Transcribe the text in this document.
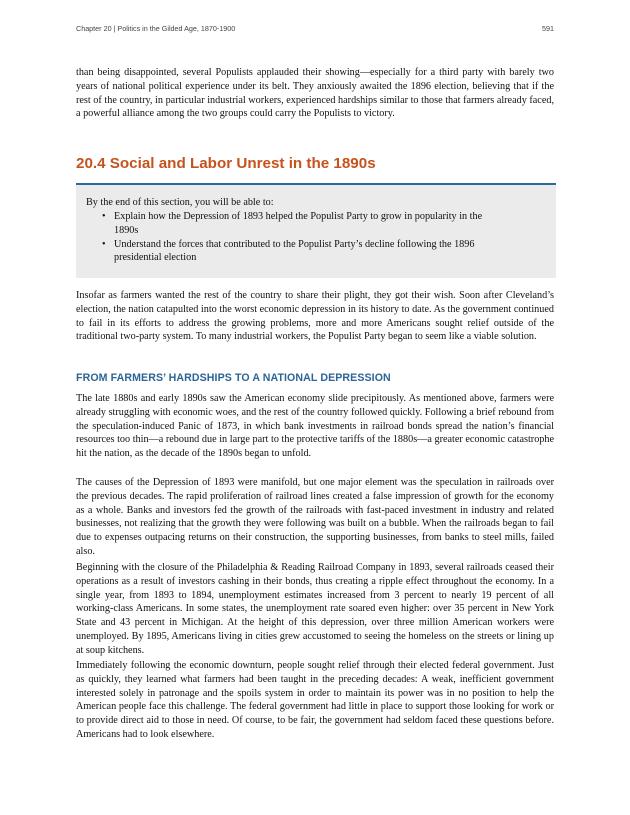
Chapter 20 | Politics in the Gilded Age, 1870-1900	591

than being disappointed, several Populists applauded their showing—especially for a third party with barely two years of national political experience under its belt. They anxiously awaited the 1896 election, believing that if the rest of the country, in particular industrial workers, experienced hardships similar to those that farmers already faced, a powerful alliance among the two groups could carry the Populists to victory.

20.4 Social and Labor Unrest in the 1890s
By the end of this section, you will be able to:
• Explain how the Depression of 1893 helped the Populist Party to grow in popularity in the 1890s
• Understand the forces that contributed to the Populist Party’s decline following the 1896 presidential election

Insofar as farmers wanted the rest of the country to share their plight, they got their wish. Soon after Cleveland’s election, the nation catapulted into the worst economic depression in its history to date. As the government continued to fail in its efforts to address the growing problems, more and more Americans sought relief outside of the traditional two-party system. To many industrial workers, the Populist Party began to seem like a viable solution.

FROM FARMERS’ HARDSHIPS TO A NATIONAL DEPRESSION

The late 1880s and early 1890s saw the American economy slide precipitously. As mentioned above, farmers were already struggling with economic woes, and the rest of the country followed quickly. Following a brief rebound from the speculation-induced Panic of 1873, in which bank investments in railroad bonds spread the nation’s financial resources too thin—a rebound due in large part to the protective tariffs of the 1880s—a greater economic catastrophe hit the nation, as the decade of the 1890s began to unfold.

The causes of the Depression of 1893 were manifold, but one major element was the speculation in railroads over the previous decades. The rapid proliferation of railroad lines created a false impression of growth for the economy as a whole. Banks and investors fed the growth of the railroads with fast-paced investment in industry and related businesses, not realizing that the growth they were following was built on a bubble. When the railroads began to fail due to expenses outpacing returns on their construction, the supporting businesses, from banks to steel mills, failed also.

Beginning with the closure of the Philadelphia & Reading Railroad Company in 1893, several railroads ceased their operations as a result of investors cashing in their bonds, thus creating a ripple effect throughout the economy. In a single year, from 1893 to 1894, unemployment estimates increased from 3 percent to nearly 19 percent of all working-class Americans. In some states, the unemployment rate soared even higher: over 35 percent in New York State and 43 percent in Michigan. At the height of this depression, over three million American workers were unemployed. By 1895, Americans living in cities grew accustomed to seeing the homeless on the streets or lining up at soup kitchens.

Immediately following the economic downturn, people sought relief through their elected federal government. Just as quickly, they learned what farmers had been taught in the preceding decades: A weak, inefficient government interested solely in patronage and the spoils system in order to maintain its power was in no position to help the American people face this challenge. The federal government had little in place to support those looking for work or to provide direct aid to those in need. Of course, to be fair, the government had seldom faced these questions before. Americans had to look elsewhere.
